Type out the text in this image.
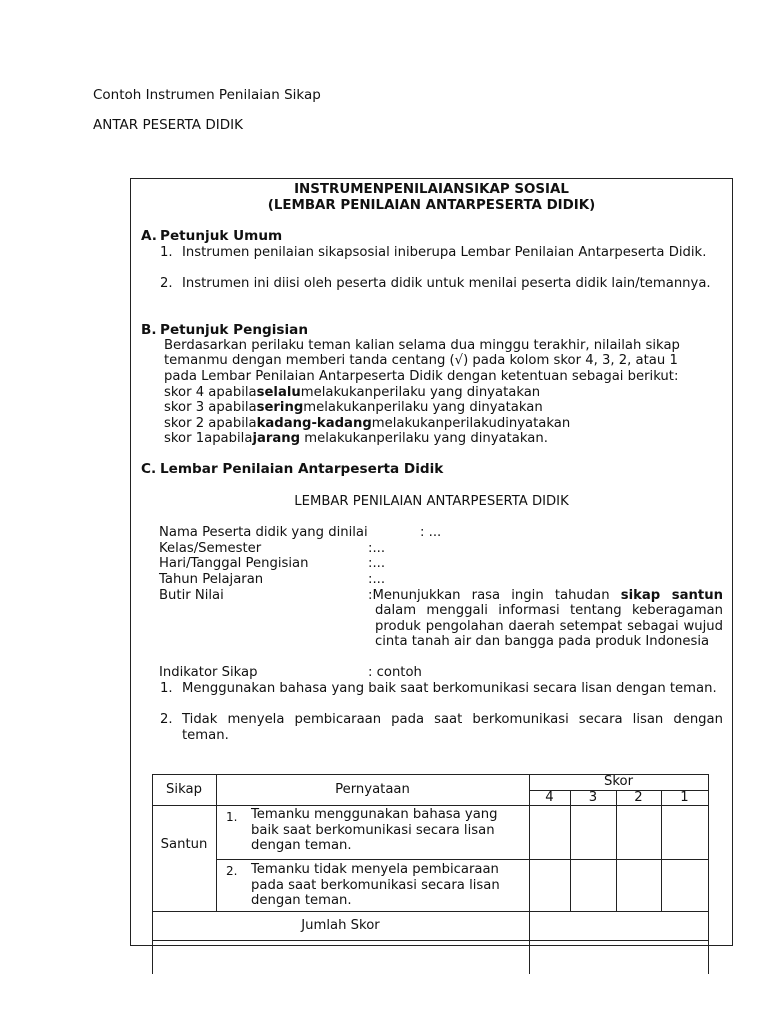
Contoh Instrumen Penilaian Sikap
ANTAR PESERTA DIDIK
INSTRUMENPENILAIANSIKAP SOSIAL
(LEMBAR PENILAIAN ANTARPESERTA DIDIK)
A. Petunjuk Umum
1. Instrumen penilaian sikapsosial iniberupa Lembar Penilaian Antarpeserta Didik.
2. Instrumen ini diisi oleh peserta didik untuk menilai peserta didik lain/temannya.
B. Petunjuk Pengisian
Berdasarkan perilaku teman kalian selama dua minggu terakhir, nilailah sikap
temanmu dengan memberi tanda centang (√) pada kolom skor 4, 3, 2, atau 1
pada Lembar Penilaian Antarpeserta Didik dengan ketentuan sebagai berikut:
skor 4 apabilaselalumelakukanperilaku yang dinyatakan
skor 3 apabilaseringmelakukanperilaku yang dinyatakan
skor 2 apabilakadang-kadangmelakukanperilakudinyatakan
skor 1apabilajarang melakukanperilaku yang dinyatakan.
C. Lembar Penilaian Antarpeserta Didik
LEMBAR PENILAIAN ANTARPESERTA DIDIK
Nama Peserta didik yang dinilai	: ...
Kelas/Semester	:...
Hari/Tanggal Pengisian	:...
Tahun Pelajaran	:...
Butir Nilai	:Menunjukkan rasa ingin tahudan sikap santun
dalam menggali informasi tentang keberagaman produk pengolahan daerah setempat sebagai wujud cinta tanah air dan bangga pada produk Indonesia
Indikator Sikap	: contoh
1. Menggunakan bahasa yang baik saat berkomunikasi secara lisan dengan teman.
2. Tidak menyela pembicaraan pada saat berkomunikasi secara lisan dengan teman.
Sikap	Pernyataan
Skor
4	3	2	1
Santun
1. Temanku menggunakan bahasa yang baik saat berkomunikasi secara lisan dengan teman.
2. Temanku tidak menyela pembicaraan pada saat berkomunikasi secara lisan dengan teman.
Jumlah Skor
